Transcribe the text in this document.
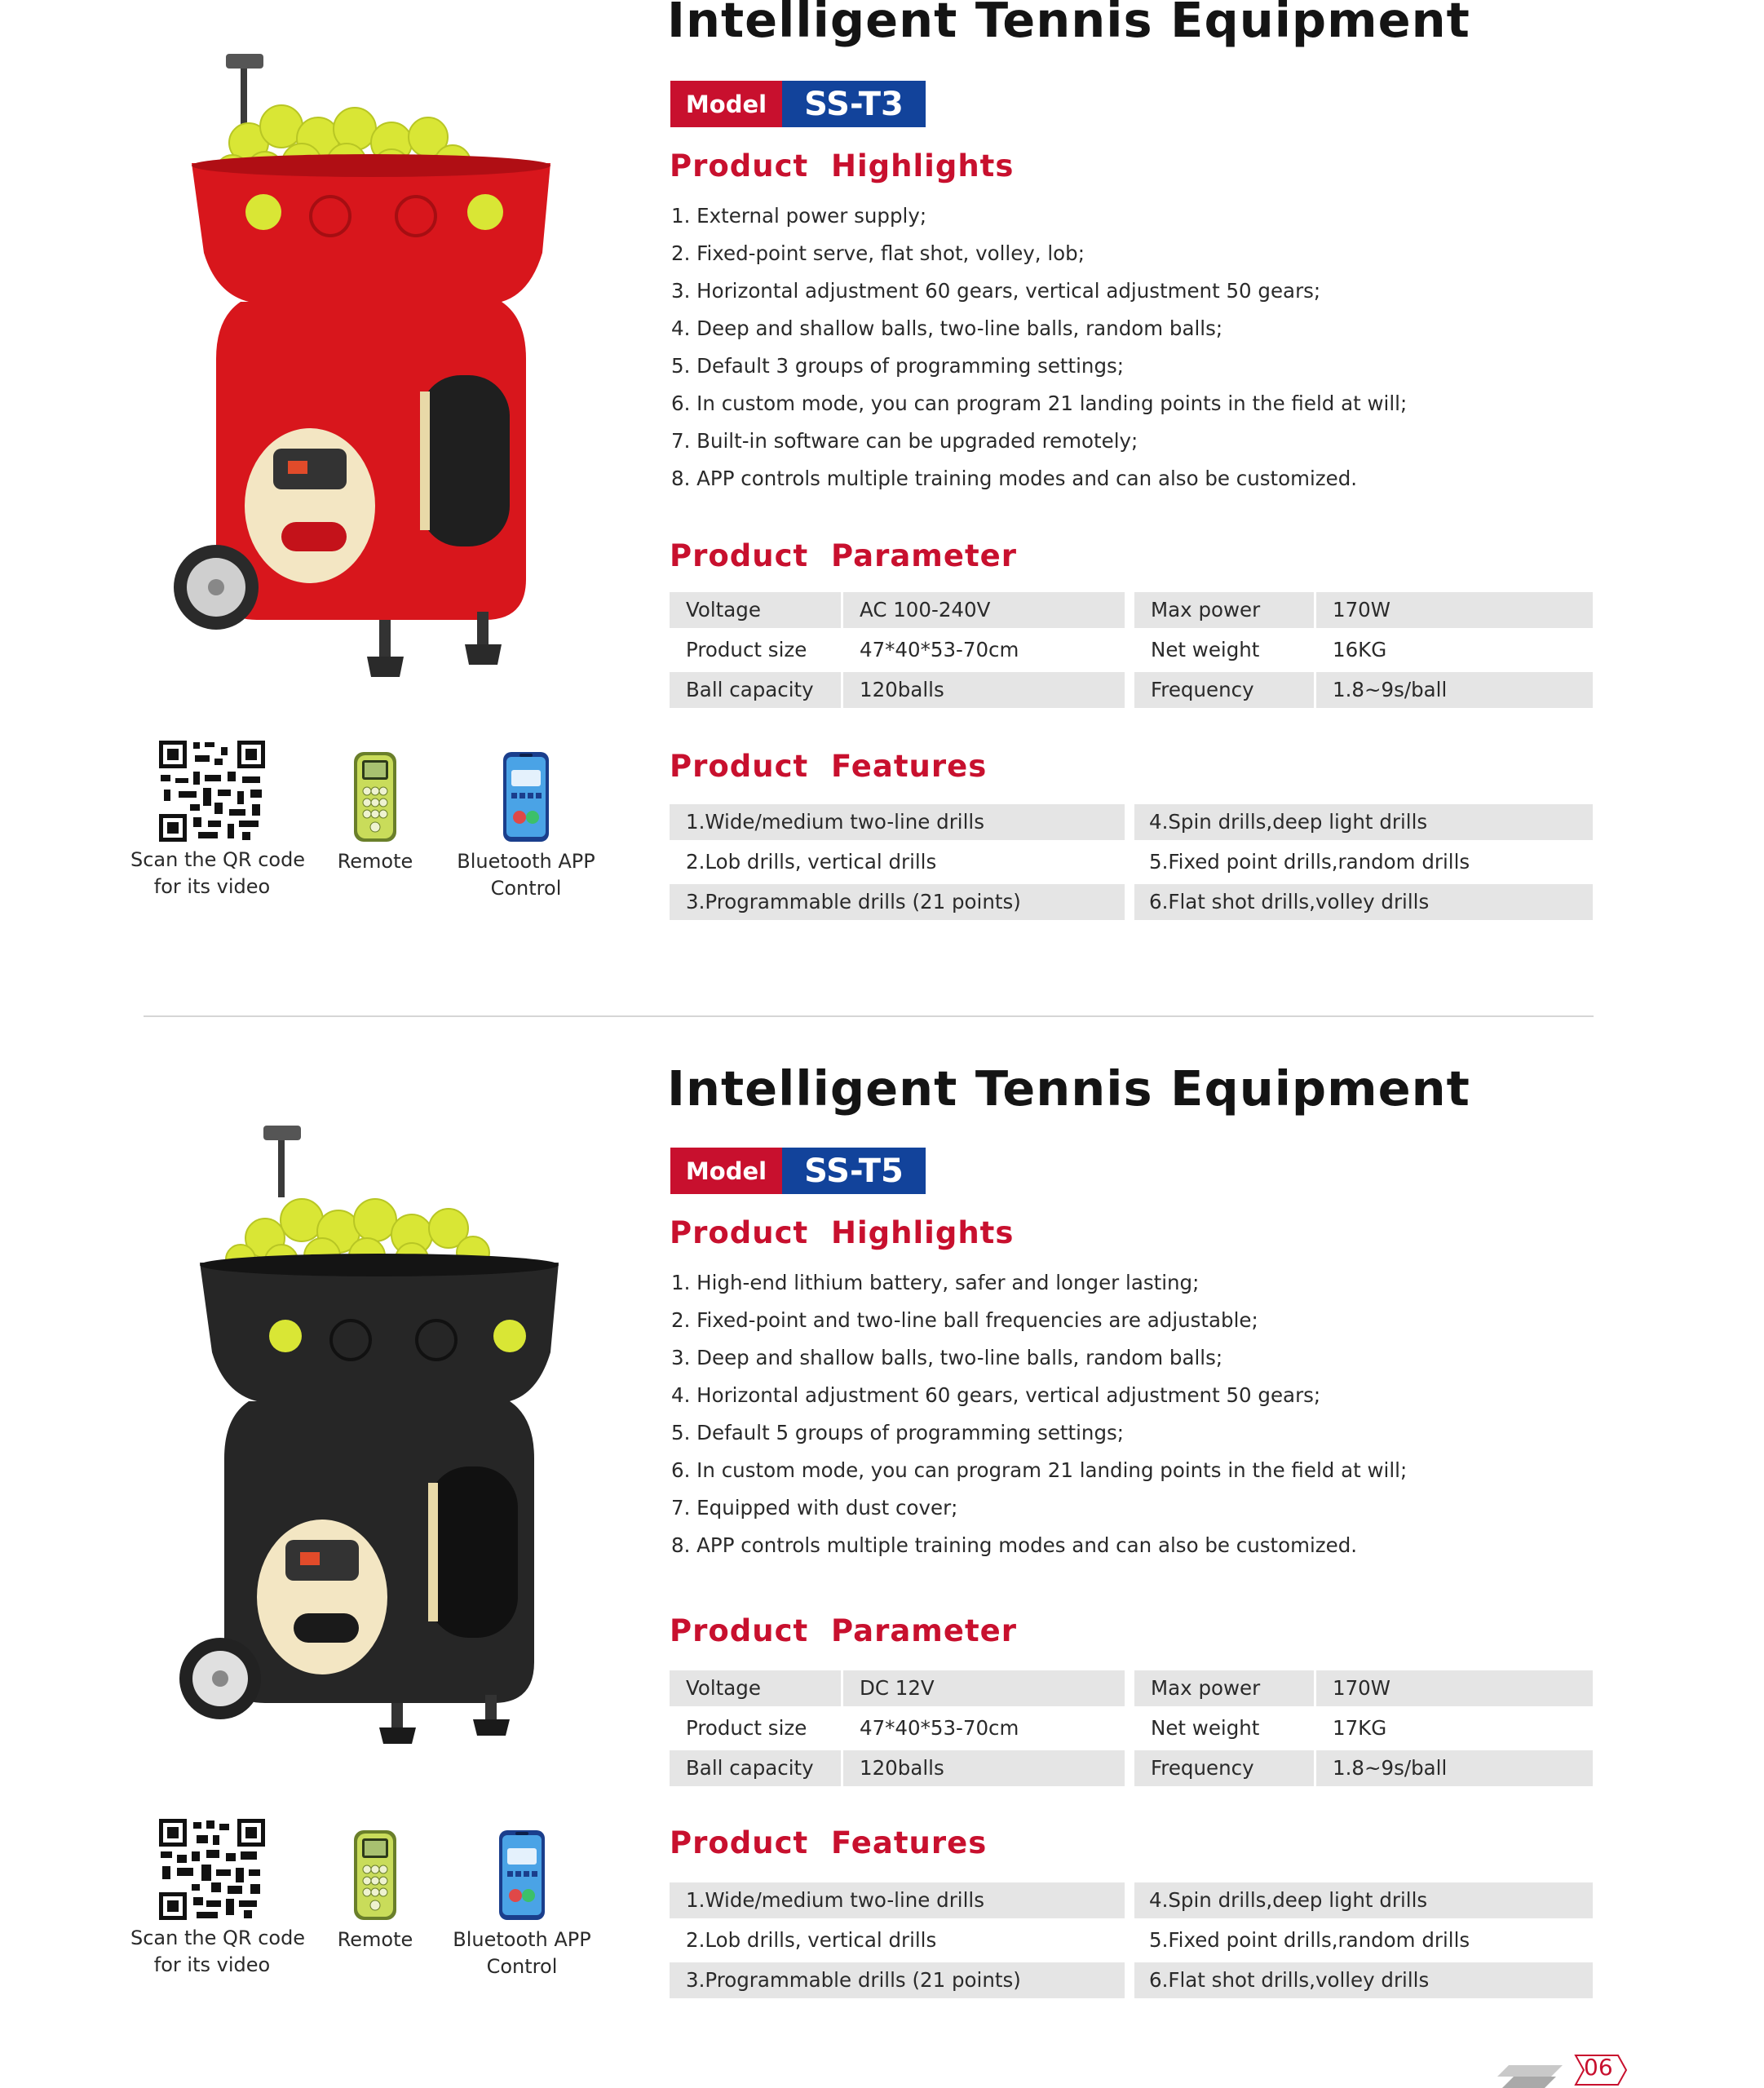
Intelligent Tennis Equipment
Model	SS-T3
Product  Highlights
1. External power supply;
2. Fixed-point serve, flat shot, volley, lob;
3. Horizontal adjustment 60 gears, vertical adjustment 50 gears;
4. Deep and shallow balls, two-line balls, random balls;
5. Default 3 groups of programming settings;
6. In custom mode, you can program 21 landing points in the field at will;
7. Built-in software can be upgraded remotely;
8. APP controls multiple training modes and can also be customized.
Product  Parameter
Voltage	AC 100-240V	Max power	170W
Product size	47*40*53-70cm	Net weight	16KG
Ball capacity	120balls	Frequency	1.8~9s/ball
Product  Features
1.Wide/medium two-line drills	4.Spin drills,deep light drills
2.Lob drills, vertical drills	5.Fixed point drills,random drills
3.Programmable drills (21 points)	6.Flat shot drills,volley drills
Scan the QR code
for its video
Remote	Bluetooth APP
Control
Intelligent Tennis Equipment
Model	SS-T5
Product  Highlights
1. High-end lithium battery, safer and longer lasting;
2. Fixed-point and two-line ball frequencies are adjustable;
3. Deep and shallow balls, two-line balls, random balls;
4. Horizontal adjustment 60 gears, vertical adjustment 50 gears;
5. Default 5 groups of programming settings;
6. In custom mode, you can program 21 landing points in the field at will;
7. Equipped with dust cover;
8. APP controls multiple training modes and can also be customized.
Product  Parameter
Voltage	DC 12V	Max power	170W
Product size	47*40*53-70cm	Net weight	17KG
Ball capacity	120balls	Frequency	1.8~9s/ball
Product  Features
1.Wide/medium two-line drills	4.Spin drills,deep light drills
2.Lob drills, vertical drills	5.Fixed point drills,random drills
3.Programmable drills (21 points)	6.Flat shot drills,volley drills
Scan the QR code
for its video
Remote	Bluetooth APP
Control
06
